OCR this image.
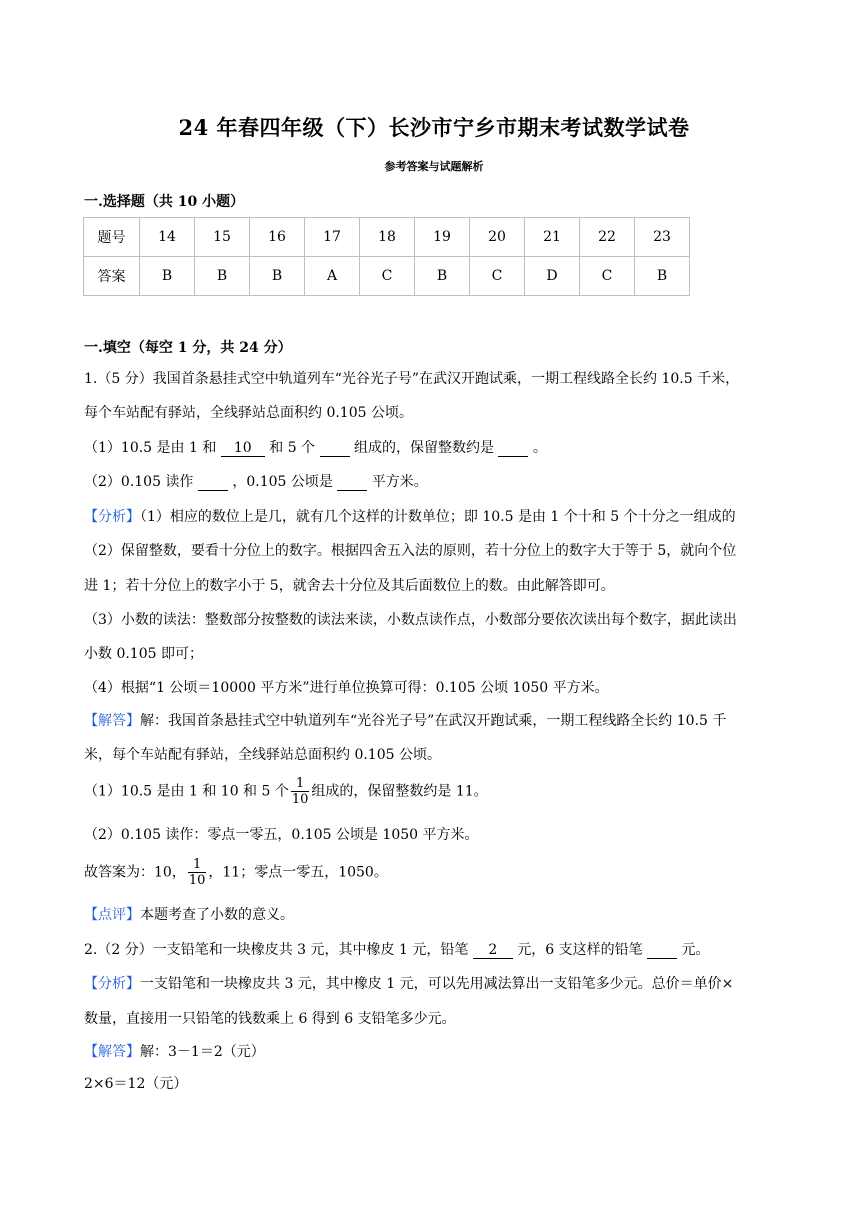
24 年春四年级（下）长沙市宁乡市期末考试数学试卷
参考答案与试题解析
一.选择题（共 10 小题）
题号	14	15	16	17	18	19	20	21	22	23
答案	B	B	B	A	C	B	C	D	C	B
一.填空（每空 1 分，共 24 分）
1.（5 分）我国首条悬挂式空中轨道列车“光谷光子号”在武汉开跑试乘，一期工程线路全长约 10.5 千米，
每个车站配有驿站，全线驿站总面积约 0.105 公顷。
（1）10.5 是由 1 和 10 和 5 个	组成的，保留整数约是	。
（2）0.105 读作	，0.105 公顷是	平方米。
【分析】（1）相应的数位上是几，就有几个这样的计数单位；即 10.5 是由 1 个十和 5 个十分之一组成的
（2）保留整数，要看十分位上的数字。根据四舍五入法的原则，若十分位上的数字大于等于 5，就向个位
进 1；若十分位上的数字小于 5，就舍去十分位及其后面数位上的数。由此解答即可。
（3）小数的读法：整数部分按整数的读法来读，小数点读作点，小数部分要依次读出每个数字，据此读出
小数 0.105 即可；
（4）根据“1 公顷＝10000 平方米”进行单位换算可得：0.105 公顷 1050 平方米。
【解答】解：我国首条悬挂式空中轨道列车“光谷光子号”在武汉开跑试乘，一期工程线路全长约 10.5 千
米，每个车站配有驿站，全线驿站总面积约 0.105 公顷。
（1）10.5 是由 1 和 10 和 5 个 $\frac{1}{10}$ 组成的，保留整数约是 11。
（2）0.105 读作：零点一零五，0.105 公顷是 1050 平方米。
故答案为：10， $\frac{1}{10}$ ，11；零点一零五，1050。
【点评】本题考查了小数的意义。
2.（2 分）一支铅笔和一块橡皮共 3 元，其中橡皮 1 元，铅笔 2 元，6 支这样的铅笔	元。
【分析】一支铅笔和一块橡皮共 3 元，其中橡皮 1 元，可以先用减法算出一支铅笔多少元。总价＝单价×
数量，直接用一只铅笔的钱数乘上 6 得到 6 支铅笔多少元。
【解答】解：3－1＝2（元）
2×6＝12（元）
